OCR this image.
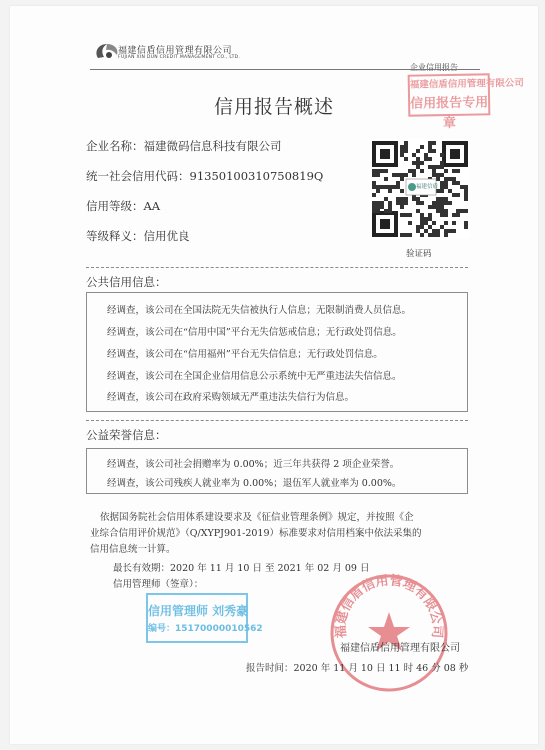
福建信盾信用管理有限公司
FUJIAN XIN DUN CREDIT MANAGEMENT CO., LTD.
企业信用报告
福建信盾信用管理有限公司
信用报告专用章
信用报告概述
企业名称：福建微码信息科技有限公司
统一社会信用代码：91350100310750819Q
信用等级：AA
等级释义：信用优良
福建信盾
验证码
公共信用信息：
经调查，该公司在全国法院无失信被执行人信息；无限制消费人员信息。
经调查，该公司在“信用中国”平台无失信惩戒信息；无行政处罚信息。
经调查，该公司在“信用福州”平台无失信信息；无行政处罚信息。
经调查，该公司在全国企业信用信息公示系统中无严重违法失信信息。
经调查，该公司在政府采购领域无严重违法失信行为信息。
公益荣誉信息：
经调查，该公司社会捐赠率为 0.00%；近三年共获得 2 项企业荣誉。
经调查，该公司残疾人就业率为 0.00%；退伍军人就业率为 0.00%。
依据国务院社会信用体系建设要求及《征信业管理条例》规定，并按照《企
业综合信用评价规范》（Q/XYPJ901-2019）标准要求对信用档案中依法采集的
信用信息统一计算。
最长有效期：2020 年 11 月 10 日 至 2021 年 02 月 09 日
信用管理师（签章）：
信用管理师 刘秀豪
编号：15170000010562	福建信盾信用管理有限公司
福建信盾信用管理有限公司
报告时间：2020 年 11 月 10 日 11 时 46 分 08 秒
